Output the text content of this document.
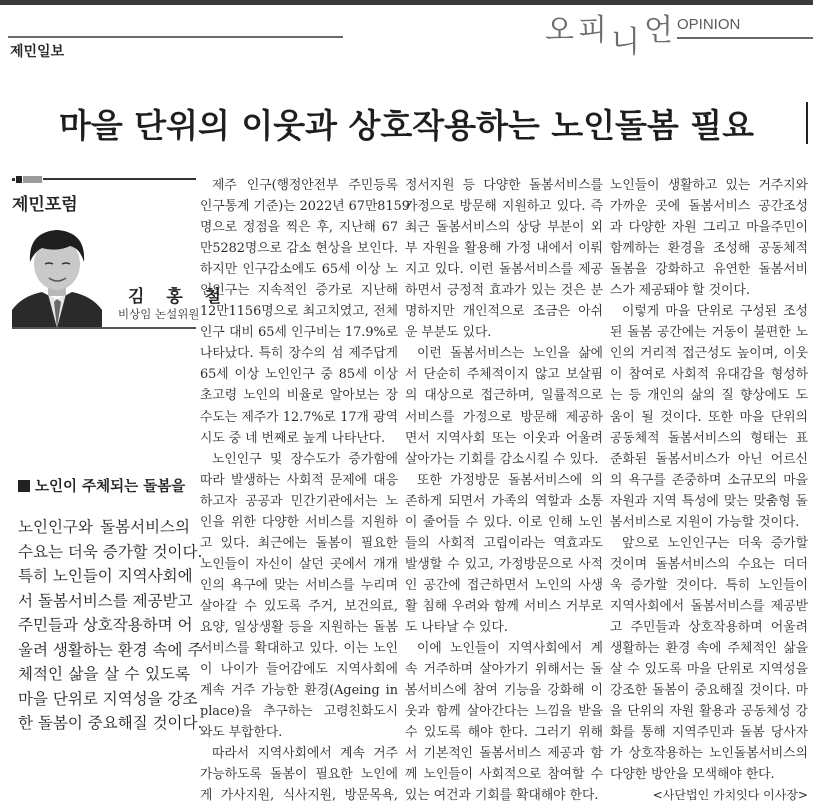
제민일보
오피니언 OPINION
마을 단위의 이웃과 상호작용하는 노인돌봄 필요
제민포럼
김 홍 철
비상임 논설위원
노인이 주체되는 돌봄을
노인인구와 돌봄서비스의
수요는 더욱 증가할 것이다.
특히 노인들이 지역사회에
서 돌봄서비스를 제공받고
주민들과 상호작용하며 어
울려 생활하는 환경 속에 주
체적인 삶을 살 수 있도록
마을 단위로 지역성을 강조
한 돌봄이 중요해질 것이다.
제주 인구(행정안전부 주민등록
인구통계 기준)는 2022년 67만8159
명으로 정점을 찍은 후, 지난해 67
만5282명으로 감소 현상을 보인다.
하지만 인구감소에도 65세 이상 노
인인구는 지속적인 증가로 지난해
12만1156명으로 최고치였고, 전체
인구 대비 65세 인구비는 17.9%로
나타났다. 특히 장수의 섬 제주답게
65세 이상 노인인구 중 85세 이상
초고령 노인의 비율로 알아보는 장
수도는 제주가 12.7%로 17개 광역
시도 중 네 번째로 높게 나타난다.
노인인구 및 장수도가 증가함에
따라 발생하는 사회적 문제에 대응
하고자 공공과 민간기관에서는 노
인을 위한 다양한 서비스를 지원하
고 있다. 최근에는 돌봄이 필요한
노인들이 자신이 살던 곳에서 개개
인의 욕구에 맞는 서비스를 누리며
살아갈 수 있도록 주거, 보건의료,
요양, 일상생활 등을 지원하는 돌봄
서비스를 확대하고 있다. 이는 노인
이 나이가 들어감에도 지역사회에
계속 거주 가능한 환경(Ageing in
place)을 추구하는 고령친화도시
와도 부합한다.
따라서 지역사회에서 계속 거주
가능하도록 돌봄이 필요한 노인에
게 가사지원, 식사지원, 방문목욕,
정서지원 등 다양한 돌봄서비스를
가정으로 방문해 지원하고 있다. 즉
최근 돌봄서비스의 상당 부분이 외
부 자원을 활용해 가정 내에서 이뤄
지고 있다. 이런 돌봄서비스를 제공
하면서 긍정적 효과가 있는 것은 분
명하지만 개인적으로 조금은 아쉬
운 부분도 있다.
이런 돌봄서비스는 노인을 삶에
서 단순히 주체적이지 않고 보살핌
의 대상으로 접근하며, 일률적으로
서비스를 가정으로 방문해 제공하
면서 지역사회 또는 이웃과 어울려
살아가는 기회를 감소시킬 수 있다.
또한 가정방문 돌봄서비스에 의
존하게 되면서 가족의 역할과 소통
이 줄어들 수 있다. 이로 인해 노인
들의 사회적 고립이라는 역효과도
발생할 수 있고, 가정방문으로 사적
인 공간에 접근하면서 노인의 사생
활 침해 우려와 함께 서비스 거부로
도 나타날 수 있다.
이에 노인들이 지역사회에서 계
속 거주하며 살아가기 위해서는 돌
봄서비스에 참여 기능을 강화해 이
웃과 함께 살아간다는 느낌을 받을
수 있도록 해야 한다. 그러기 위해
서 기본적인 돌봄서비스 제공과 함
께 노인들이 사회적으로 참여할 수
있는 여건과 기회를 확대해야 한다.
노인들이 생활하고 있는 거주지와
가까운 곳에 돌봄서비스 공간조성
과 다양한 자원 그리고 마을주민이
함께하는 환경을 조성해 공동체적
돌봄을 강화하고 유연한 돌봄서비
스가 제공돼야 할 것이다.
이렇게 마을 단위로 구성된 조성
된 돌봄 공간에는 거동이 불편한 노
인의 거리적 접근성도 높이며, 이웃
이 참여로 사회적 유대감을 형성하
는 등 개인의 삶의 질 향상에도 도
움이 될 것이다. 또한 마을 단위의
공동체적 돌봄서비스의 형태는 표
준화된 돌봄서비스가 아닌 어르신
의 욕구를 존중하며 소규모의 마을
자원과 지역 특성에 맞는 맞춤형 돌
봄서비스로 지원이 가능할 것이다.
앞으로 노인인구는 더욱 증가할
것이며 돌봄서비스의 수요는 더더
욱 증가할 것이다. 특히 노인들이
지역사회에서 돌봄서비스를 제공받
고 주민들과 상호작용하며 어울려
생활하는 환경 속에 주체적인 삶을
살 수 있도록 마을 단위로 지역성을
강조한 돌봄이 중요해질 것이다. 마
을 단위의 자원 활용과 공동체성 강
화를 통해 지역주민과 돌봄 당사자
가 상호작용하는 노인돌봄서비스의
다양한 방안을 모색해야 한다.
<사단법인 가치잇다 이사장>
